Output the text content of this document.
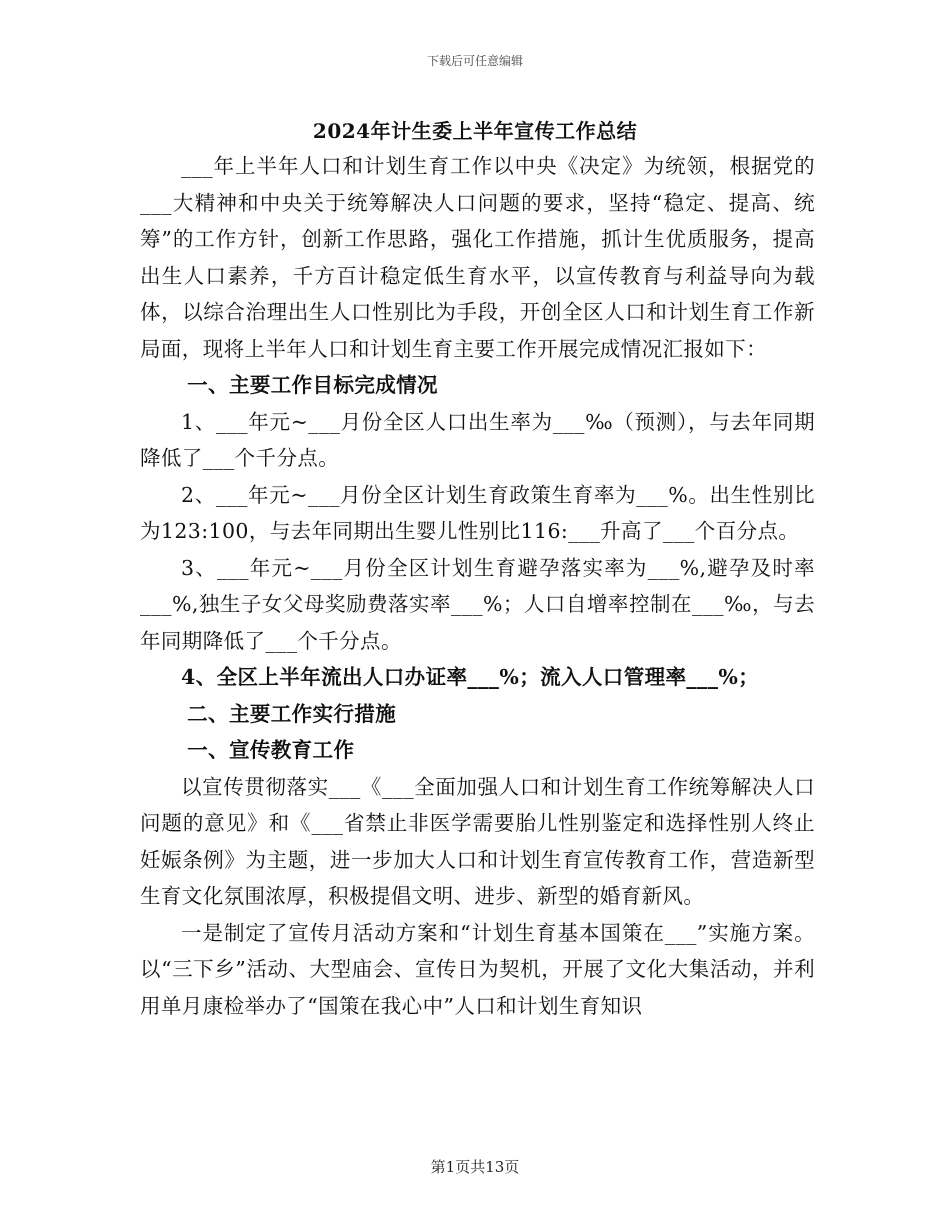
下载后可任意编辑
2024年计生委上半年宣传工作总结

___年上半年人口和计划生育工作以中央《决定》为统领，根据党的___大精神和中央关于统筹解决人口问题的要求，坚持“稳定、提高、统筹”的工作方针，创新工作思路，强化工作措施，抓计生优质服务，提高出生人口素养，千方百计稳定低生育水平，以宣传教育与利益导向为载体，以综合治理出生人口性别比为手段，开创全区人口和计划生育工作新局面，现将上半年人口和计划生育主要工作开展完成情况汇报如下：

一、主要工作目标完成情况

1、___年元~___月份全区人口出生率为___‰（预测），与去年同期降低了___个千分点。

2、___年元~___月份全区计划生育政策生育率为___%。出生性别比为123:100，与去年同期出生婴儿性别比116:___升高了___个百分点。

3、___年元~___月份全区计划生育避孕落实率为___%,避孕及时率___%,独生子女父母奖励费落实率___%；人口自增率控制在___‰，与去年同期降低了___个千分点。

4、全区上半年流出人口办证率___%；流入人口管理率___%；

二、主要工作实行措施

一、宣传教育工作

以宣传贯彻落实___《___全面加强人口和计划生育工作统筹解决人口问题的意见》和《___省禁止非医学需要胎儿性别鉴定和选择性别人终止妊娠条例》为主题，进一步加大人口和计划生育宣传教育工作，营造新型生育文化氛围浓厚，积极提倡文明、进步、新型的婚育新风。

一是制定了宣传月活动方案和“计划生育基本国策在___”实施方案。以“三下乡”活动、大型庙会、宣传日为契机，开展了文化大集活动，并利用单月康检举办了“国策在我心中”人口和计划生育知识

第1页共13页
